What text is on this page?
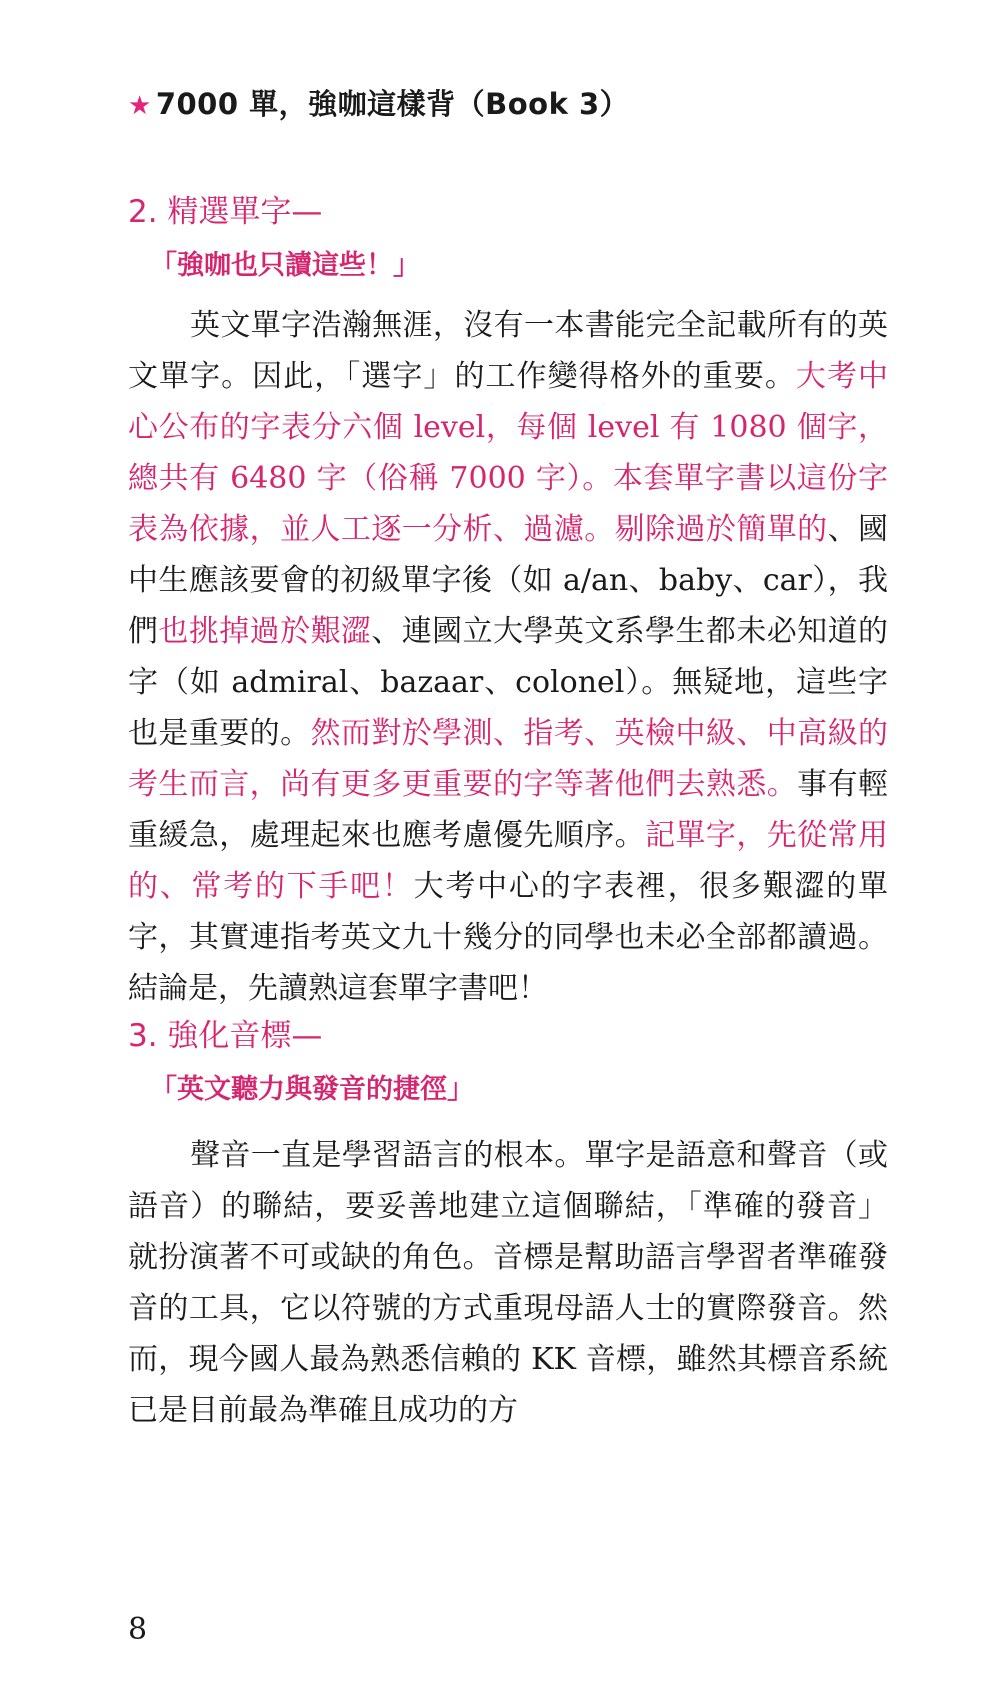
★ 7000 單，強咖這樣背（Book 3）
2. 精選單字—
「強咖也只讀這些！」
英文單字浩瀚無涯，沒有一本書能完全記載所有的英文單字。因此，「選字」的工作變得格外的重要。大考中心公布的字表分六個 level，每個 level 有 1080 個字，總共有 6480 字（俗稱 7000 字）。本套單字書以這份字表為依據，並人工逐一分析、過濾。剔除過於簡單的、國中生應該要會的初級單字後（如 a/an、baby、car），我們也挑掉過於艱澀、連國立大學英文系學生都未必知道的字（如 admiral、bazaar、colonel）。無疑地，這些字也是重要的。然而對於學測、指考、英檢中級、中高級的考生而言，尚有更多更重要的字等著他們去熟悉。事有輕重緩急，處理起來也應考慮優先順序。記單字，先從常用的、常考的下手吧！大考中心的字表裡，很多艱澀的單字，其實連指考英文九十幾分的同學也未必全部都讀過。結論是，先讀熟這套單字書吧！
3. 強化音標—
「英文聽力與發音的捷徑」
聲音一直是學習語言的根本。單字是語意和聲音（或語音）的聯結，要妥善地建立這個聯結，「準確的發音」就扮演著不可或缺的角色。音標是幫助語言學習者準確發音的工具，它以符號的方式重現母語人士的實際發音。然而，現今國人最為熟悉信賴的 KK 音標，雖然其標音系統已是目前最為準確且成功的方
8
